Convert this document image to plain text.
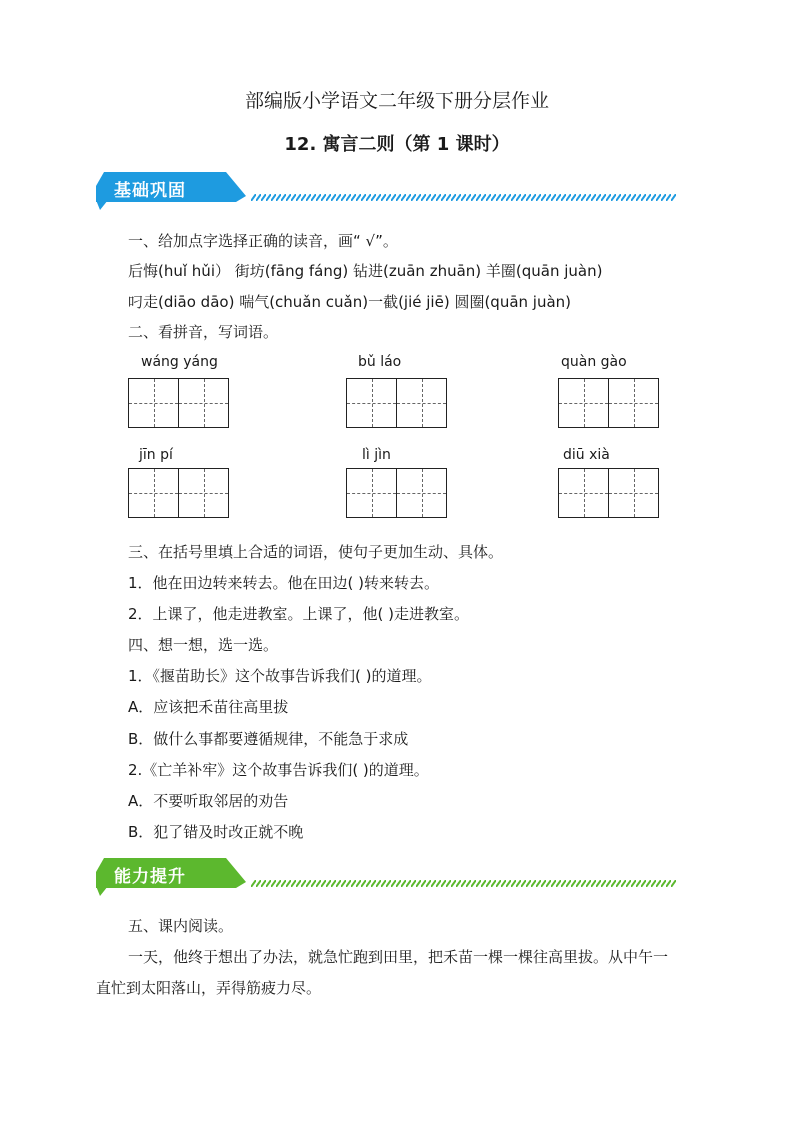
部编版小学语文二年级下册分层作业
12. 寓言二则（第 1 课时）
基础巩固
一、给加点字选择正确的读音，画“ √”。
后悔(huǐ hǔi） 街坊(fāng fáng) 钻进(zuān zhuān) 羊圈(quān juàn)
叼走(diāo dāo) 喘气(chuǎn cuǎn)一截(jié jiē) 圆圈(quān juàn)
二、看拼音，写词语。
wáng yáng	bǔ láo	quàn gào
jīn pí	lì jìn	diū xià
三、在括号里填上合适的词语，使句子更加生动、具体。
1．他在田边转来转去。他在田边( )转来转去。
2．上课了，他走进教室。上课了，他( )走进教室。
四、想一想，选一选。
1．《揠苗助长》这个故事告诉我们( )的道理。
A．应该把禾苗往高里拔
B．做什么事都要遵循规律，不能急于求成
2.《亡羊补牢》这个故事告诉我们( )的道理。
A．不要听取邻居的劝告
B．犯了错及时改正就不晚
能力提升
五、课内阅读。
一天，他终于想出了办法，就急忙跑到田里，把禾苗一棵一棵往高里拔。从中午一
直忙到太阳落山，弄得筋疲力尽。
